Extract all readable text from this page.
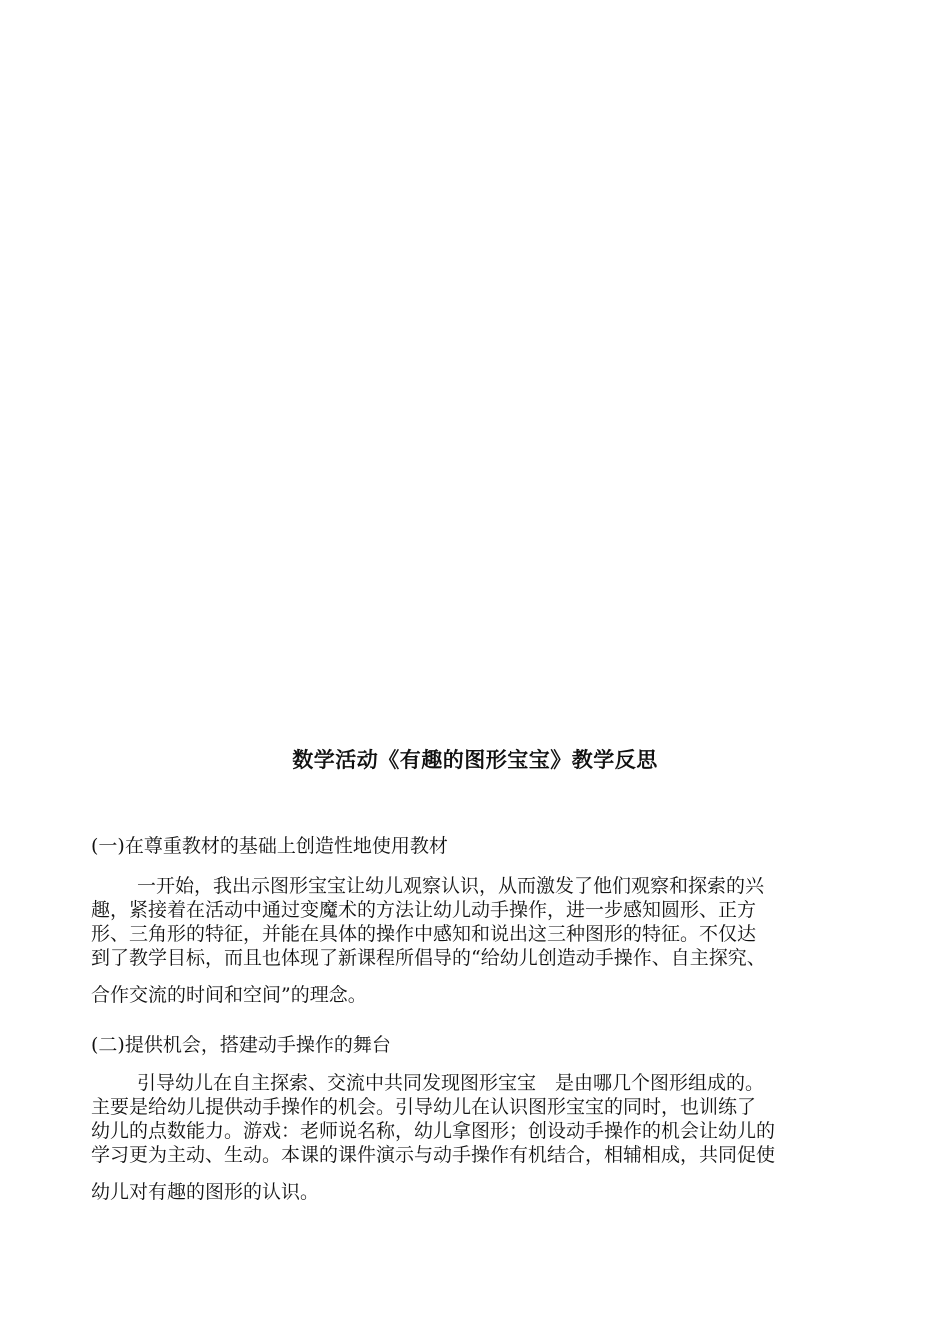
数学活动《有趣的图形宝宝》教学反思
(一)在尊重教材的基础上创造性地使用教材
一开始，我出示图形宝宝让幼儿观察认识，从而激发了他们观察和探索的兴
趣，紧接着在活动中通过变魔术的方法让幼儿动手操作，进一步感知圆形、正方
形、三角形的特征，并能在具体的操作中感知和说出这三种图形的特征。不仅达
到了教学目标，而且也体现了新课程所倡导的“给幼儿创造动手操作、自主探究、
合作交流的时间和空间”的理念。
(二)提供机会，搭建动手操作的舞台
引导幼儿在自主探索、交流中共同发现图形宝宝　是由哪几个图形组成的。
主要是给幼儿提供动手操作的机会。引导幼儿在认识图形宝宝的同时，也训练了
幼儿的点数能力。游戏：老师说名称，幼儿拿图形；创设动手操作的机会让幼儿的
学习更为主动、生动。本课的课件演示与动手操作有机结合，相辅相成，共同促使
幼儿对有趣的图形的认识。
